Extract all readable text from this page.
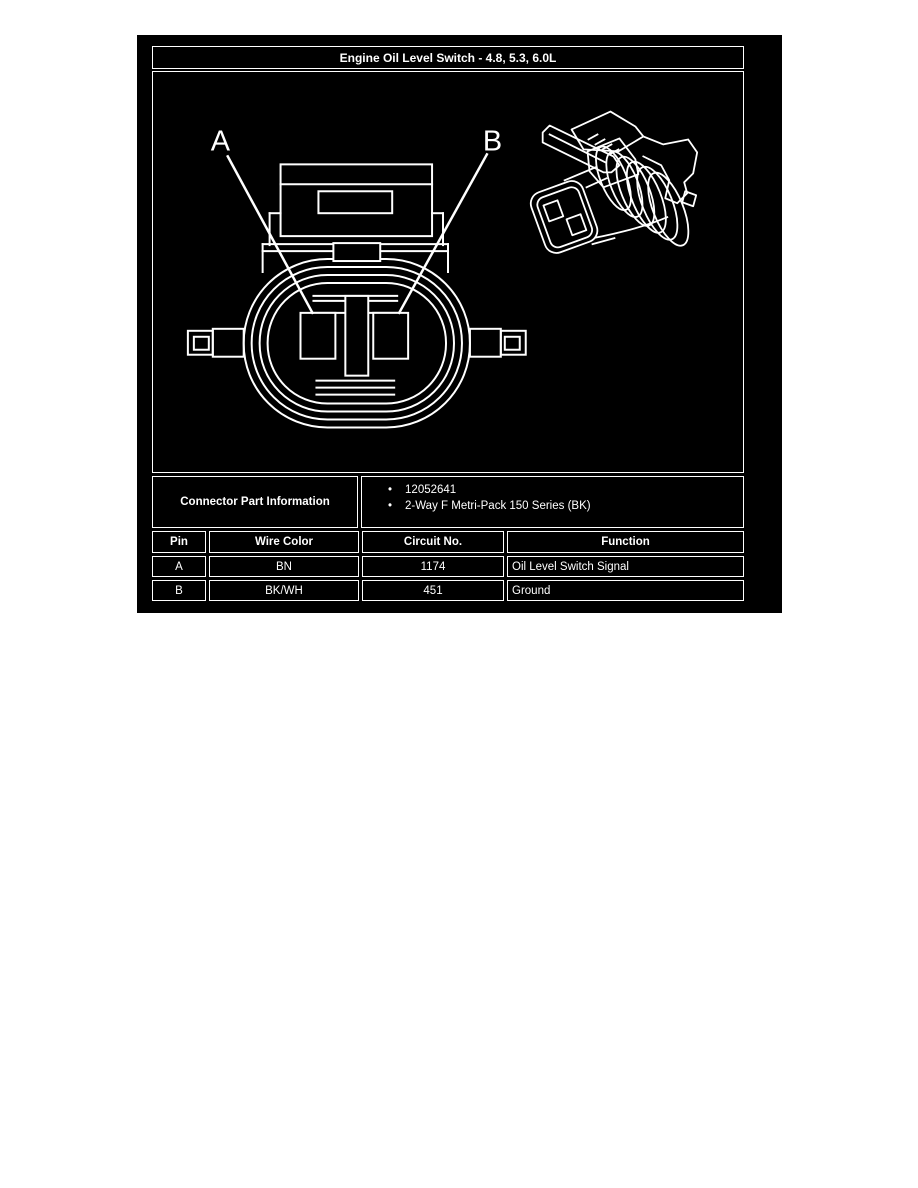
Engine Oil Level Switch - 4.8, 5.3, 6.0L
A	B
Connector Part Information
•
12052641
•
2-Way F Metri-Pack 150 Series (BK)
Pin	Wire Color	Circuit No.	Function
A	BN	1174	Oil Level Switch Signal
B	BK/WH	451	Ground
